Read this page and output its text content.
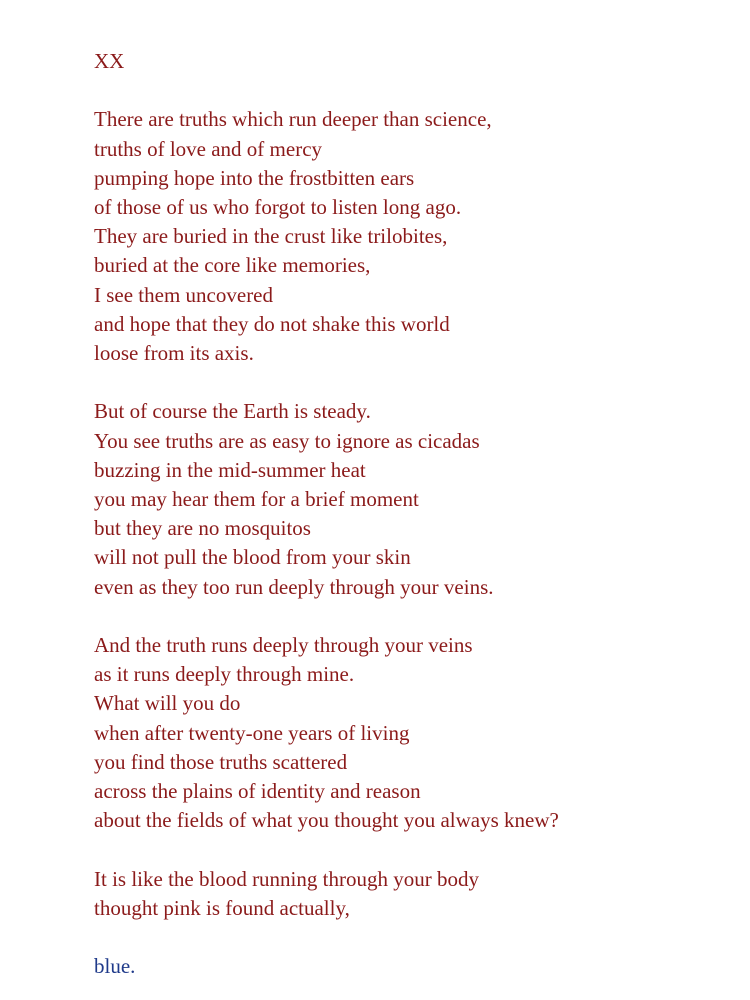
XX
There are truths which run deeper than science,
truths of love and of mercy
pumping hope into the frostbitten ears
of those of us who forgot to listen long ago.
They are buried in the crust like trilobites,
buried at the core like memories,
I see them uncovered
and hope that they do not shake this world
loose from its axis.
But of course the Earth is steady.
You see truths are as easy to ignore as cicadas
buzzing in the mid-summer heat
you may hear them for a brief moment
but they are no mosquitos
will not pull the blood from your skin
even as they too run deeply through your veins.
And the truth runs deeply through your veins
as it runs deeply through mine.
What will you do
when after twenty-one years of living
you find those truths scattered
across the plains of identity and reason
about the fields of what you thought you always knew?
It is like the blood running through your body
thought pink is found actually,
blue.
